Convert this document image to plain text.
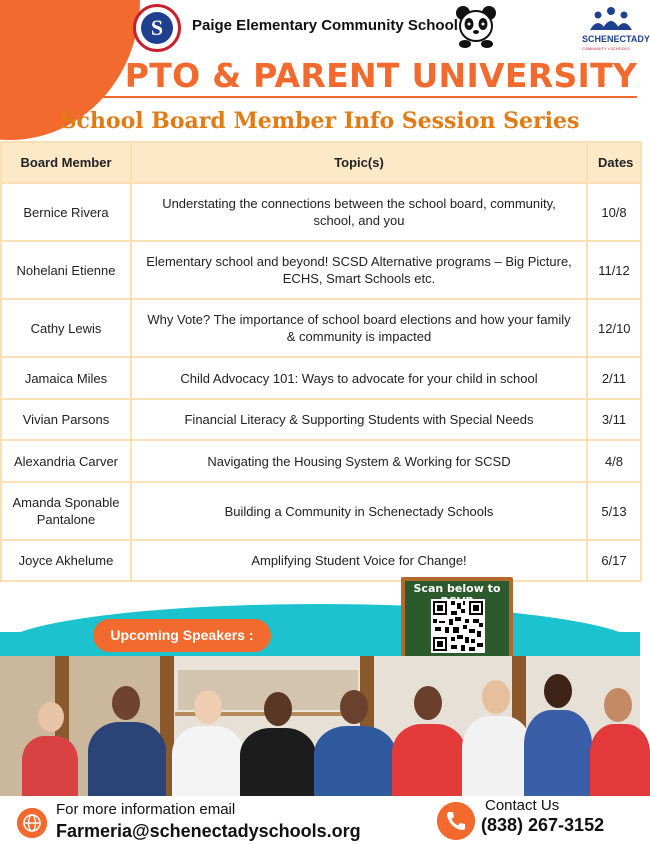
S	Paige Elementary Community School
SCHENECTADY
COMMUNITY • SCHOOLS
PAIGE PTO & PARENT UNIVERSITY
School Board Member Info Session Series
Board Member	Topic(s)	Dates
Bernice Rivera	Understating the connections between the school board, community, school, and you	10/8
Nohelani Etienne	Elementary school and beyond! SCSD Alternative programs – Big Picture, ECHS, Smart Schools etc.	11/12
Cathy Lewis	Why Vote? The importance of school board elections and how your family & community is impacted	12/10
Jamaica Miles	Child Advocacy 101: Ways to advocate for your child in school	2/11
Vivian Parsons	Financial Literacy & Supporting Students with Special Needs	3/11
Alexandria Carver	Navigating the Housing System & Working for SCSD	4/8
Amanda Sponable Pantalone	Building a Community in Schenectady Schools	5/13
Joyce Akhelume	Amplifying Student Voice for Change!	6/17
Upcoming Speakers :
Scan below to
For more information email
Farmeria@schenectadyschools.org
Contact Us
(838) 267-3152
